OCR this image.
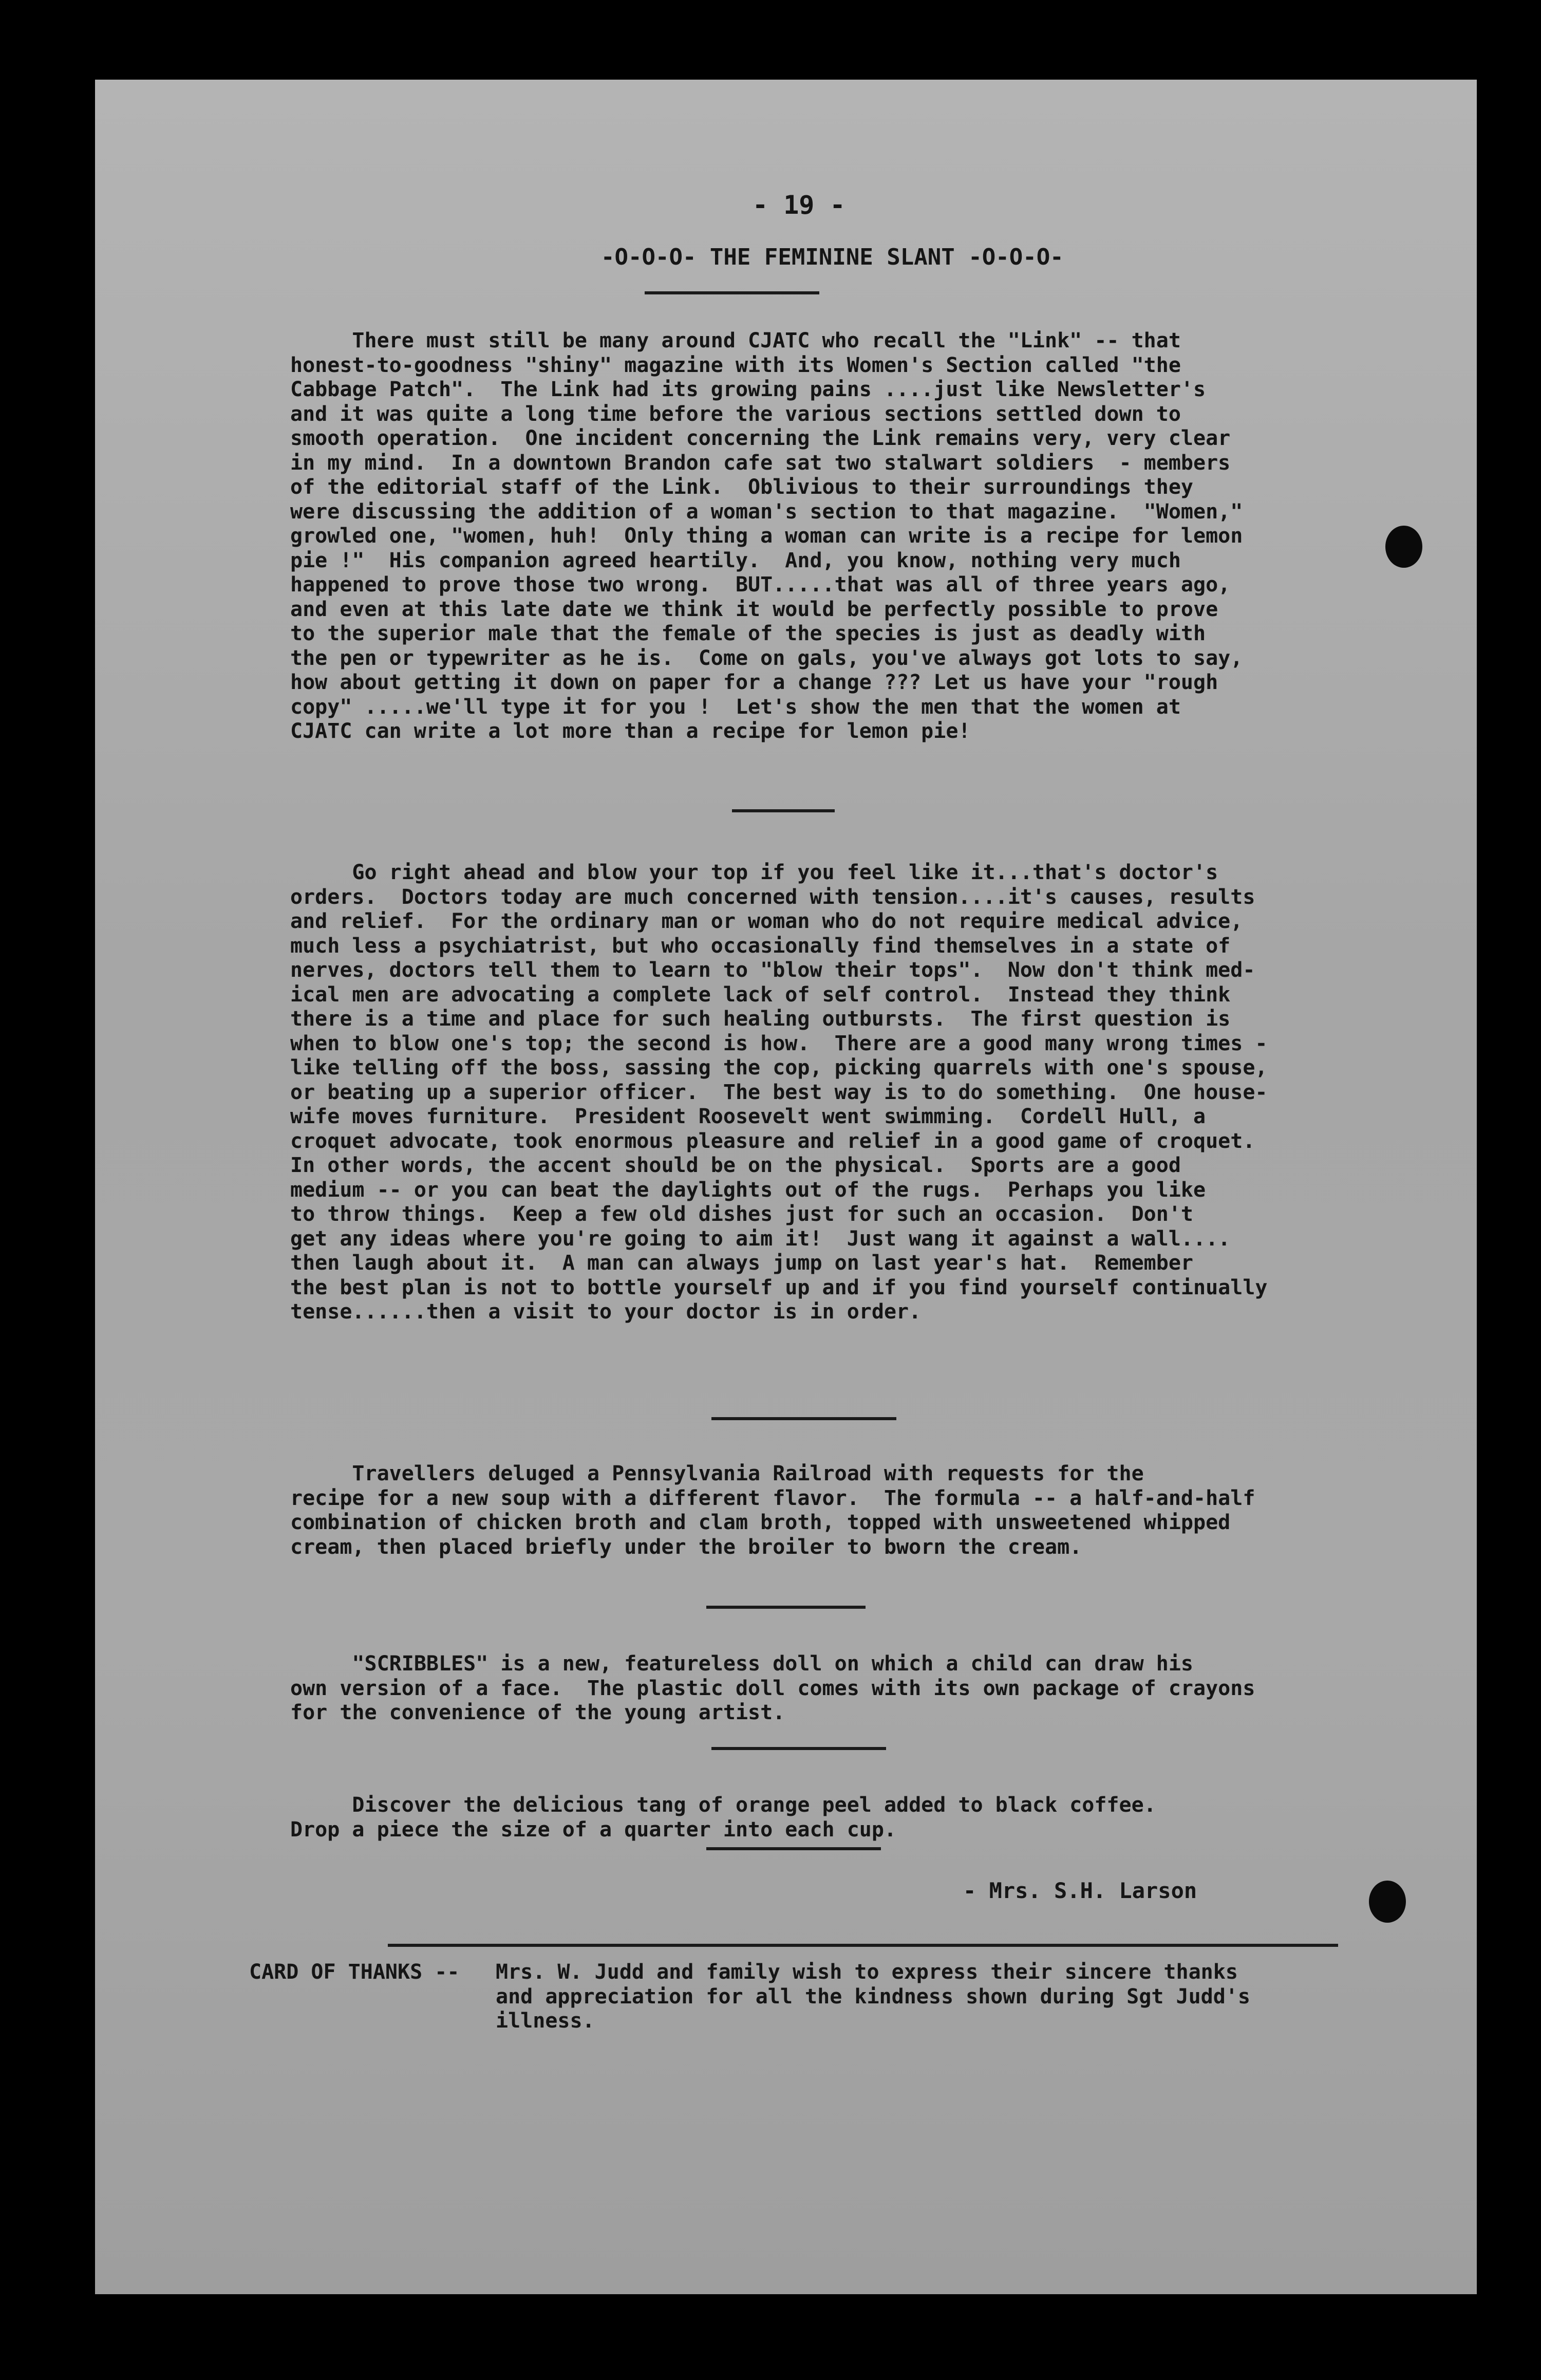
- 19 -

-O-O-O- THE FEMININE SLANT -O-O-O-

There must still be many around CJATC who recall the "Link" -- that
honest-to-goodness "shiny" magazine with its Women's Section called "the
Cabbage Patch".  The Link had its growing pains ....just like Newsletter's
and it was quite a long time before the various sections settled down to
smooth operation.  One incident concerning the Link remains very, very clear
in my mind.  In a downtown Brandon cafe sat two stalwart soldiers  - members
of the editorial staff of the Link.  Oblivious to their surroundings they
were discussing the addition of a woman's section to that magazine.  "Women,"
growled one, "women, huh!  Only thing a woman can write is a recipe for lemon
pie !"  His companion agreed heartily.  And, you know, nothing very much
happened to prove those two wrong.  BUT.....that was all of three years ago,
and even at this late date we think it would be perfectly possible to prove
to the superior male that the female of the species is just as deadly with
the pen or typewriter as he is.  Come on gals, you've always got lots to say,
how about getting it down on paper for a change ??? Let us have your "rough
copy" .....we'll type it for you !  Let's show the men that the women at
CJATC can write a lot more than a recipe for lemon pie!

Go right ahead and blow your top if you feel like it...that's doctor's
orders.  Doctors today are much concerned with tension....it's causes, results
and relief.  For the ordinary man or woman who do not require medical advice,
much less a psychiatrist, but who occasionally find themselves in a state of
nerves, doctors tell them to learn to "blow their tops".  Now don't think med-
ical men are advocating a complete lack of self control.  Instead they think
there is a time and place for such healing outbursts.  The first question is
when to blow one's top; the second is how.  There are a good many wrong times -
like telling off the boss, sassing the cop, picking quarrels with one's spouse,
or beating up a superior officer.  The best way is to do something.  One house-
wife moves furniture.  President Roosevelt went swimming.  Cordell Hull, a
croquet advocate, took enormous pleasure and relief in a good game of croquet.
In other words, the accent should be on the physical.  Sports are a good
medium -- or you can beat the daylights out of the rugs.  Perhaps you like
to throw things.  Keep a few old dishes just for such an occasion.  Don't
get any ideas where you're going to aim it!  Just wang it against a wall....
then laugh about it.  A man can always jump on last year's hat.  Remember
the best plan is not to bottle yourself up and if you find yourself continually
tense......then a visit to your doctor is in order.

Travellers deluged a Pennsylvania Railroad with requests for the
recipe for a new soup with a different flavor.  The formula -- a half-and-half
combination of chicken broth and clam broth, topped with unsweetened whipped
cream, then placed briefly under the broiler to bworn the cream.

"SCRIBBLES" is a new, featureless doll on which a child can draw his
own version of a face.  The plastic doll comes with its own package of crayons
for the convenience of the young artist.

Discover the delicious tang of orange peel added to black coffee.
Drop a piece the size of a quarter into each cup.

- Mrs. S.H. Larson

CARD OF THANKS -- Mrs. W. Judd and family wish to express their sincere thanks
and appreciation for all the kindness shown during Sgt Judd's
illness.
